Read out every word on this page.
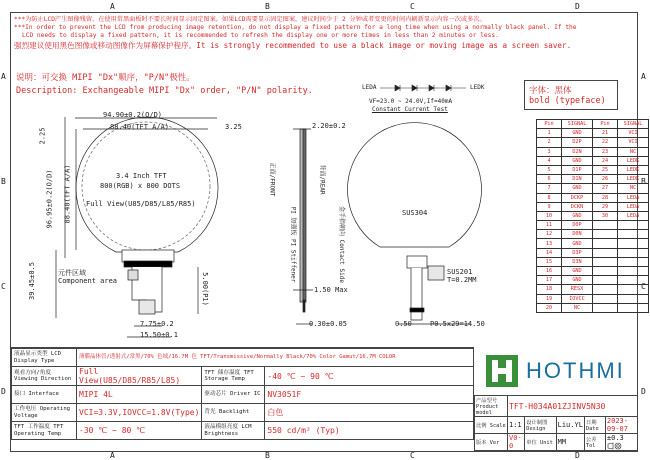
A	B	C	D
A	B	C	D
A
B
C
D
A
B
C
D
***为防止LCD产生图像残留，在使用常黑面板时不要长时间显示固定图案。如果LCD需要显示固定图案，建议时间少于 2 分钟或者变更的时间内刷新显示内容一次或多次。
***In order to prevent the LCD from producing image retention, do not display a fixed pattern for a long time when using a normally black panel. If the
LCD needs to display a fixed pattern, it is recommended to refresh the display one or more times in less than 2 minutes or less.
强烈建议使用黑色图像或移动图像作为屏幕保护程序。It is strongly recommended to use a black image or moving image as a screen saver.
说明：可交换 MIPI "Dx"顺序，"P/N"极性。
Description: Exchangeable MIPI "Dx" order, "P/N" polarity.	字体：黑体
bold (typeface)
LEDA	LEDK
VF=23.0 ~ 24.0V,If=40mA
Constant Current Test
94.90±0.2(O/D)
88.40(TFT A/A)	3.25
2.25
96.95±0.2(O/D) 88.40(TFT A/A)
39.45±0.5
2.20±0.2
1.50 Max
0.30±0.05
7.75±0.2
15.50±0.1
5.00(P1)
0.50	P0.5x29=14.50
SUS201
T=0.2MM
SUS304
3.4 Inch TFT
800(RGB) x 800 DOTS
Full View(U85/D85/L85/R85)
元件区域
Component area
正面/FRONT	背面/REAR
金手指朝向 Contact Side
PI 加强板 PI Stiffener
Pin	SIGNAL	Pin	SIGNAL
1	GND	21	VCI
2	D2P	22	VCI
3	D2N	23	NC
4	GND	24	LEDK
5	D1P	25	LEDK
6	D1N	26	LEDK
7	GND	27	NC
8	DCKP	28	LEDA
9	DCKN	29	LEDA
10	GND	30	LEDA
11	D0P		
12	D0N		
13	GND		
14	D3P		
15	D3N		
16	GND		
17	GND		
18	RESX		
19	IOVCC		
20	NC		
液晶显示类型 LCD Display Type	薄膜晶体管/透射式/常黑/70% 色域/16.7M 色 TFT/Transmissive/Normally Black/70% Color Gamut/16.7M COLOR		
观看方向/角度 Viewing Direction	Full View(U85/D85/R85/L85)	TFT 储存温度 TFT Storage Temp	-40 ℃ ~ 90 ℃
接口 Interface	MIPI 4L	驱动芯片 Driver IC	NV3051F
工作电压 Operating Voltage	VCI=3.3V,IOVCC=1.8V(Type)	背光 Backlight	白色
TFT 工作温度 TFT Operating Temp	-30 ℃ ~ 80 ℃	液晶模组亮度 LCM Brightness	550 cd/m² (Typ)
HOTHMI
产品型号 Product model	TFT-H034A01ZJINV5N30				
比例 Scale	1:1	设计制图 Design	Liu.YL	日期 Date	2023-09-07
版本 Ver	V0-0	单位 Unit	MM	公差 Tol	±0.3
